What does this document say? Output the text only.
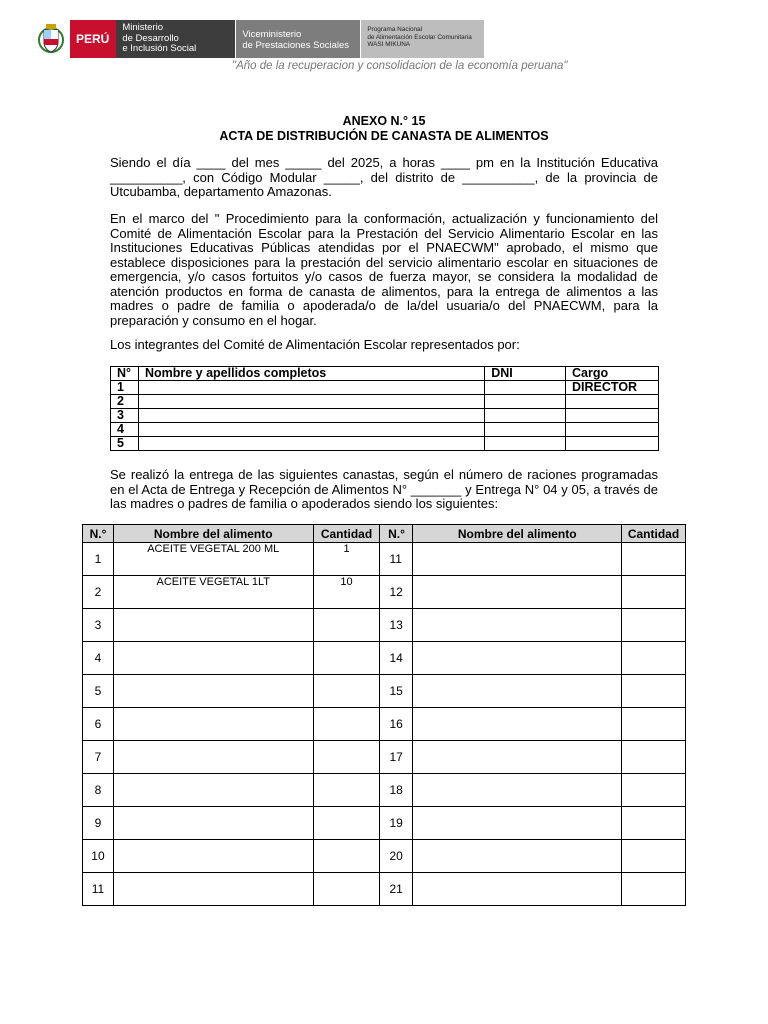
PERÚ
Ministerio
de Desarrollo
e Inclusión Social
Viceministerio
de Prestaciones Sociales
Programa Nacional
de Alimentación Escolar Comunitaria
WASI MIKUNA
"Año de la recuperacion y consolidacion de la economía peruana"
ANEXO N.° 15
ACTA DE DISTRIBUCIÓN DE CANASTA DE ALIMENTOS
Siendo el día ____ del mes _____ del 2025, a horas ____ pm en la Institución Educativa __________, con Código Modular _____, del distrito de __________, de la provincia de Utcubamba, departamento Amazonas.
En el marco del " Procedimiento para la conformación, actualización y funcionamiento del Comité de Alimentación Escolar para la Prestación del Servicio Alimentario Escolar en las Instituciones Educativas Públicas atendidas por el PNAECWM" aprobado, el mismo que establece disposiciones para la prestación del servicio alimentario escolar en situaciones de emergencia, y/o casos fortuitos y/o casos de fuerza mayor, se considera la modalidad de atención productos en forma de canasta de alimentos, para la entrega de alimentos a las madres o padre de familia o apoderada/o de la/del usuaria/o del PNAECWM, para la preparación y consumo en el hogar.
Los integrantes del Comité de Alimentación Escolar representados por:
N°	Nombre y apellidos completos	DNI	Cargo
1			DIRECTOR
2			
3			
4			
5			
Se realizó la entrega de las siguientes canastas, según el número de raciones programadas en el Acta de Entrega y Recepción de Alimentos N° _______ y Entrega N° 04 y 05, a través de las madres o padres de familia o apoderados siendo los siguientes:
N.°	Nombre del alimento	Cantidad	N.°	Nombre del alimento	Cantidad
1	ACEITE VEGETAL 200 ML	1	11		
2	ACEITE VEGETAL 1LT	10	12		
3			13		
4			14		
5			15		
6			16		
7			17		
8			18		
9			19		
10			20		
11			21		
